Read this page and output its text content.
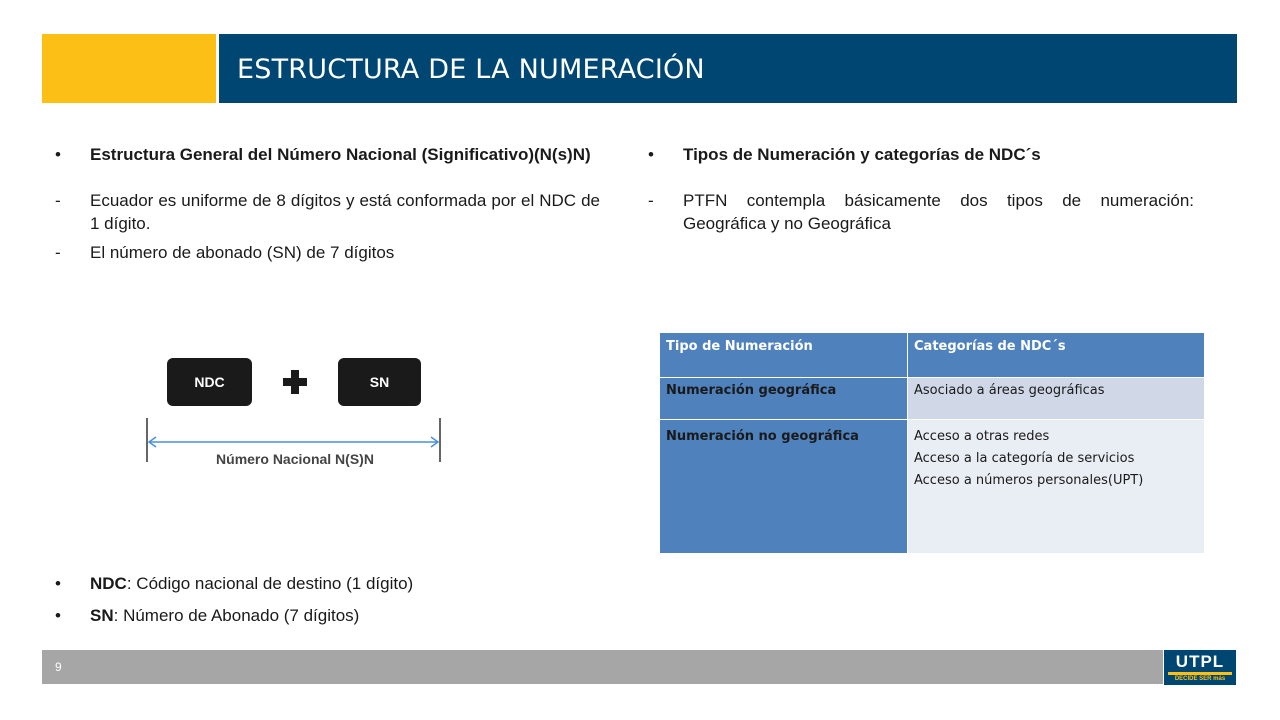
ESTRUCTURA DE LA NUMERACIÓN
• Estructura General del Número Nacional (Significativo)(N(s)N)
- Ecuador es uniforme de 8 dígitos y está conformada por el NDC de 1 dígito.
- El número de abonado (SN) de 7 dígitos
NDC	SN
Número Nacional N(S)N
• NDC: Código nacional de destino (1 dígito)
• SN: Número de Abonado (7 dígitos)
• Tipos de Numeración y categorías de NDC´s
- PTFN contempla básicamente dos tipos de numeración: Geográfica y no Geográfica
Tipo de Numeración	Categorías de NDC´s
Numeración geográfica	Asociado a áreas geográficas

Numeración no geográfica	Acceso a otras redes
Acceso a la categoría de servicios
Acceso a números personales(UPT)
9	UTPL
DECIDE SER más
